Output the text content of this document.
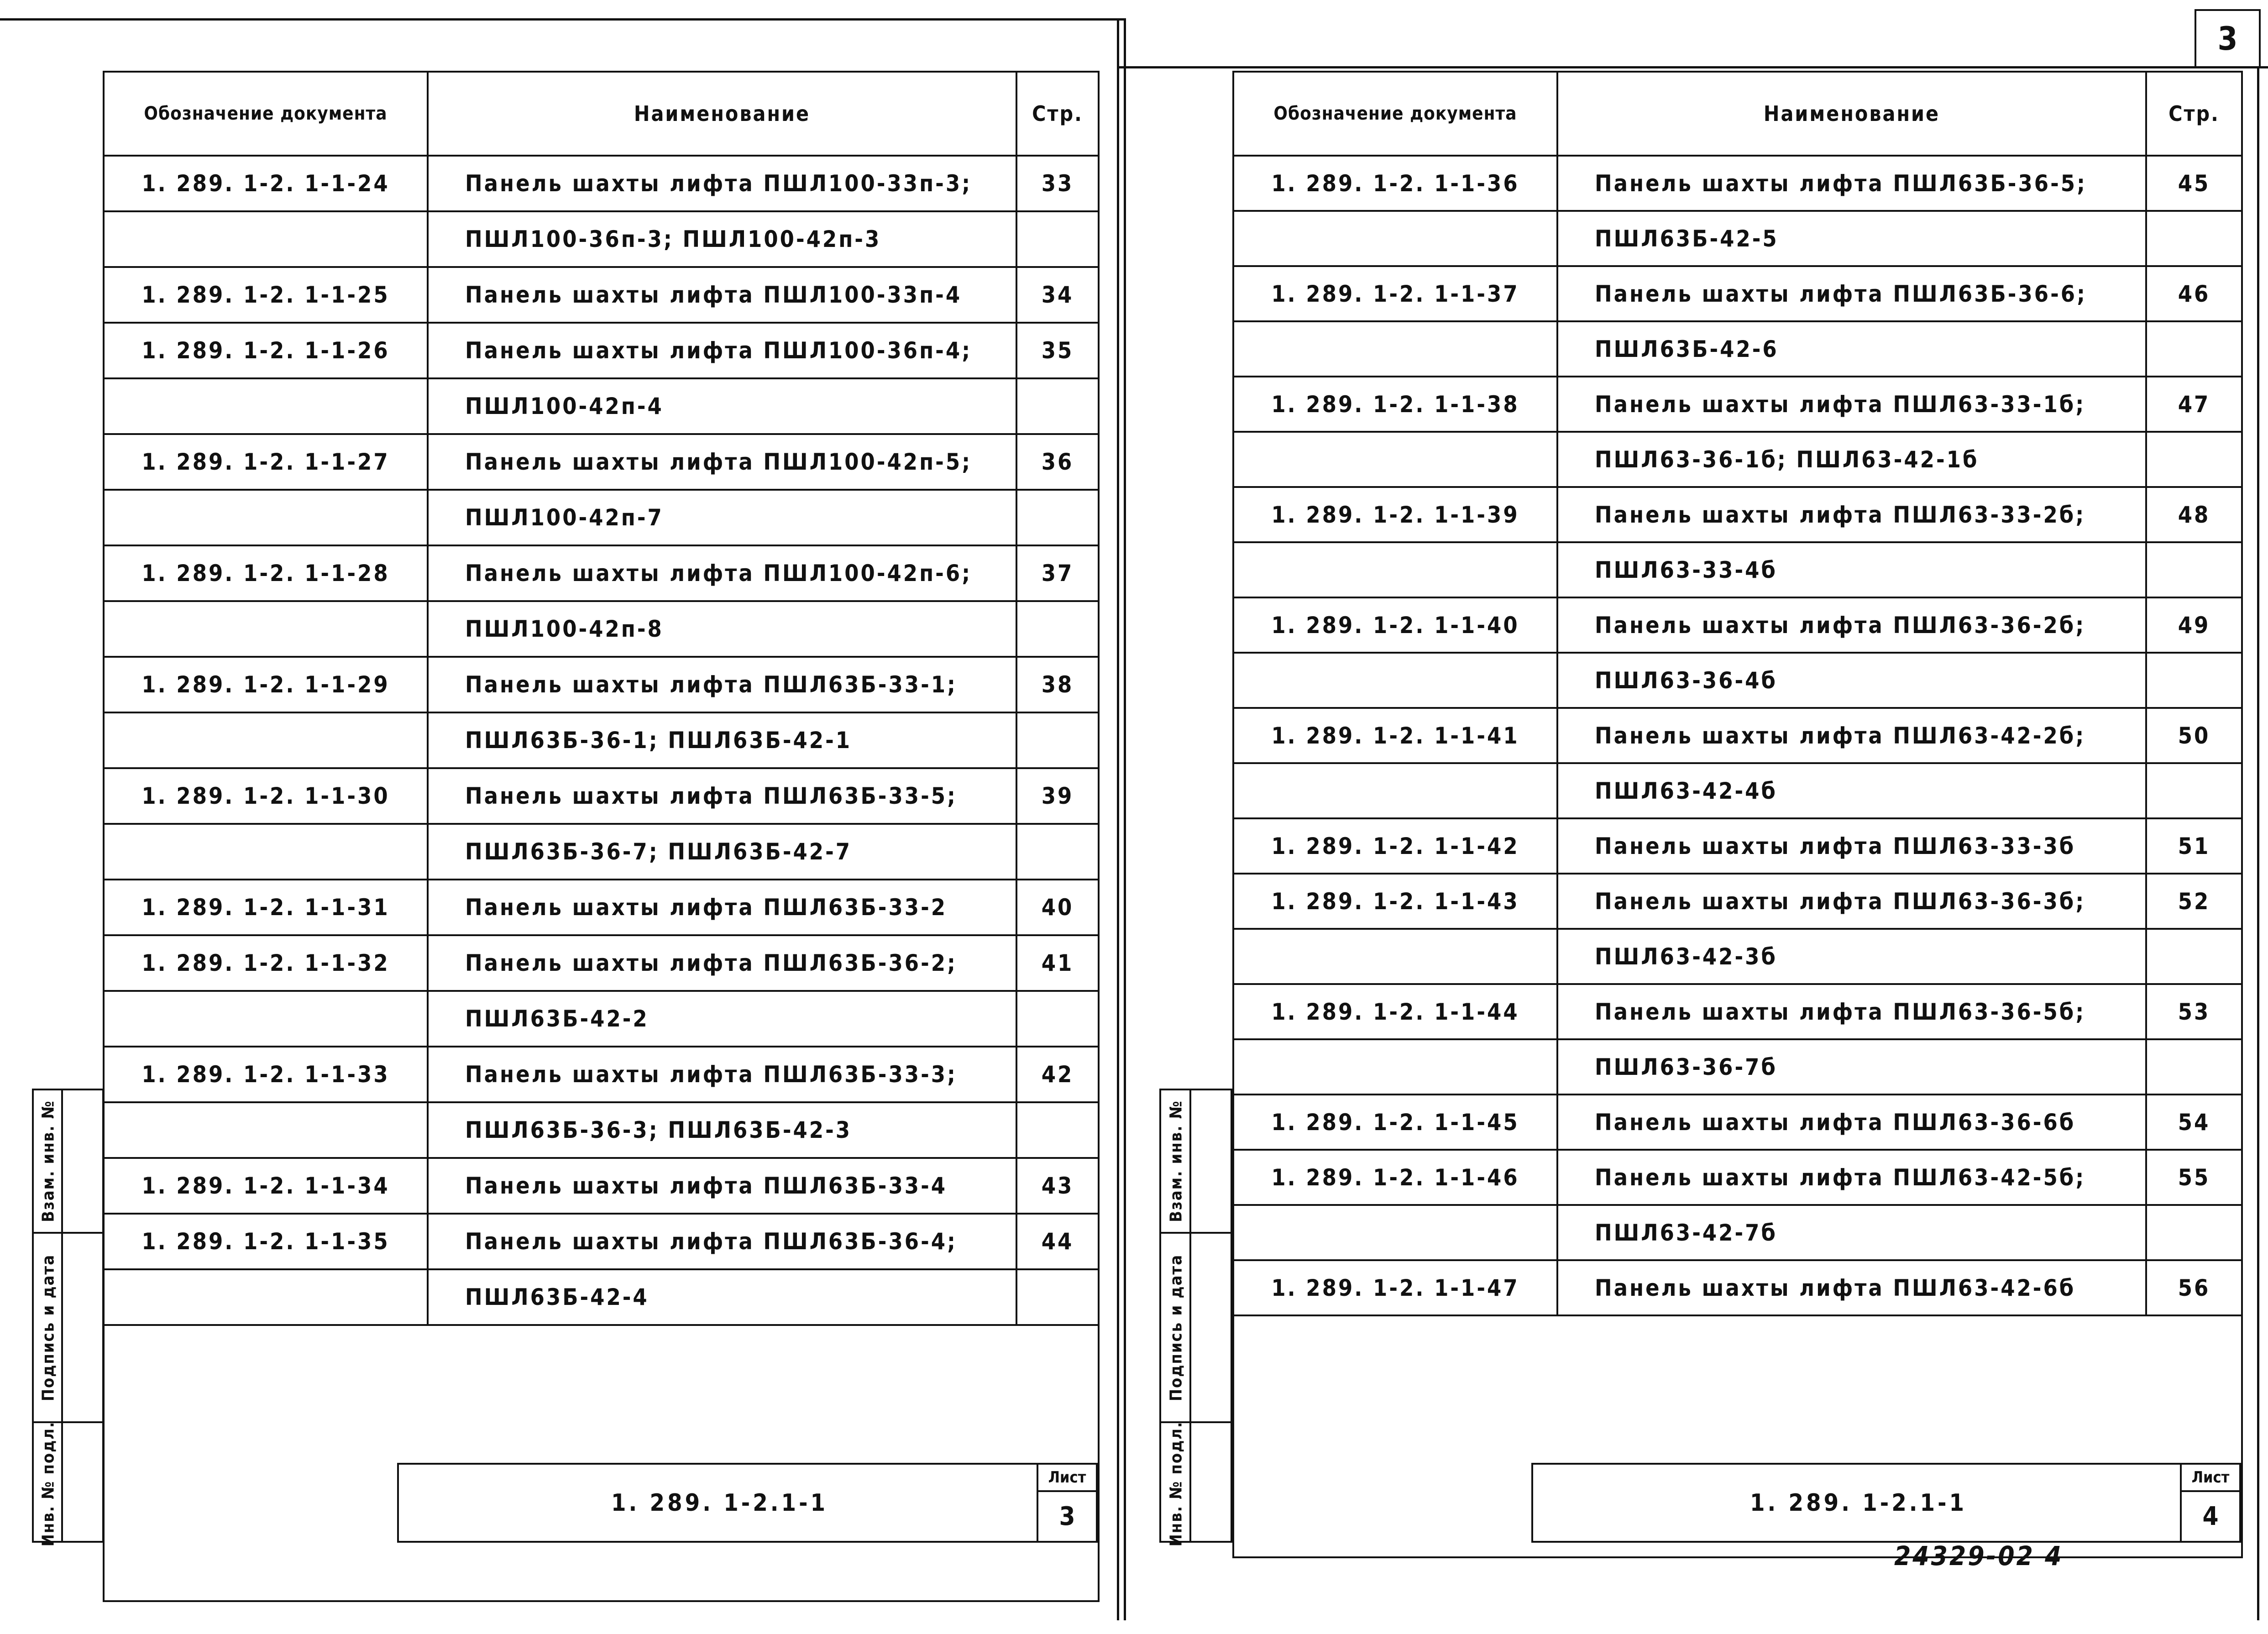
3
Обозначение документа	Наименование	Стр.
1. 289. 1-2. 1-1-24	Панель шахты лифта ПШЛ100-33п-3;	33
	ПШЛ100-36п-3; ПШЛ100-42п-3	
1. 289. 1-2. 1-1-25	Панель шахты лифта ПШЛ100-33п-4	34
1. 289. 1-2. 1-1-26	Панель шахты лифта ПШЛ100-36п-4;	35
	ПШЛ100-42п-4	
1. 289. 1-2. 1-1-27	Панель шахты лифта ПШЛ100-42п-5;	36
	ПШЛ100-42п-7	
1. 289. 1-2. 1-1-28	Панель шахты лифта ПШЛ100-42п-6;	37
	ПШЛ100-42п-8	
1. 289. 1-2. 1-1-29	Панель шахты лифта ПШЛ63Б-33-1;	38
	ПШЛ63Б-36-1; ПШЛ63Б-42-1	
1. 289. 1-2. 1-1-30	Панель шахты лифта ПШЛ63Б-33-5;	39
	ПШЛ63Б-36-7; ПШЛ63Б-42-7	
1. 289. 1-2. 1-1-31	Панель шахты лифта ПШЛ63Б-33-2	40
1. 289. 1-2. 1-1-32	Панель шахты лифта ПШЛ63Б-36-2;	41
	ПШЛ63Б-42-2	
1. 289. 1-2. 1-1-33	Панель шахты лифта ПШЛ63Б-33-3;	42
	ПШЛ63Б-36-3; ПШЛ63Б-42-3	
1. 289. 1-2. 1-1-34	Панель шахты лифта ПШЛ63Б-33-4	43
1. 289. 1-2. 1-1-35	Панель шахты лифта ПШЛ63Б-36-4;	44
	ПШЛ63Б-42-4	

Обозначение документа	Наименование	Стр.
1. 289. 1-2. 1-1-36	Панель шахты лифта ПШЛ63Б-36-5;	45
	ПШЛ63Б-42-5	
1. 289. 1-2. 1-1-37	Панель шахты лифта ПШЛ63Б-36-6;	46
	ПШЛ63Б-42-6	
1. 289. 1-2. 1-1-38	Панель шахты лифта ПШЛ63-33-1б;	47
	ПШЛ63-36-1б; ПШЛ63-42-1б	
1. 289. 1-2. 1-1-39	Панель шахты лифта ПШЛ63-33-2б;	48
	ПШЛ63-33-4б	
1. 289. 1-2. 1-1-40	Панель шахты лифта ПШЛ63-36-2б;	49
	ПШЛ63-36-4б	
1. 289. 1-2. 1-1-41	Панель шахты лифта ПШЛ63-42-2б;	50
	ПШЛ63-42-4б	
1. 289. 1-2. 1-1-42	Панель шахты лифта ПШЛ63-33-3б	51
1. 289. 1-2. 1-1-43	Панель шахты лифта ПШЛ63-36-3б;	52
	ПШЛ63-42-3б	
1. 289. 1-2. 1-1-44	Панель шахты лифта ПШЛ63-36-5б;	53
	ПШЛ63-36-7б	
1. 289. 1-2. 1-1-45	Панель шахты лифта ПШЛ63-36-6б	54
1. 289. 1-2. 1-1-46	Панель шахты лифта ПШЛ63-42-5б;	55
	ПШЛ63-42-7б	
1. 289. 1-2. 1-1-47	Панель шахты лифта ПШЛ63-42-6б	56

Взам. инв. №
Подпись и дата
Инв. № подл.
Взам. инв. №
Подпись и дата
Инв. № подл.
1. 289. 1-2.1-1
Лист
3	1. 289. 1-2.1-1
Лист
4
24329-02 4
